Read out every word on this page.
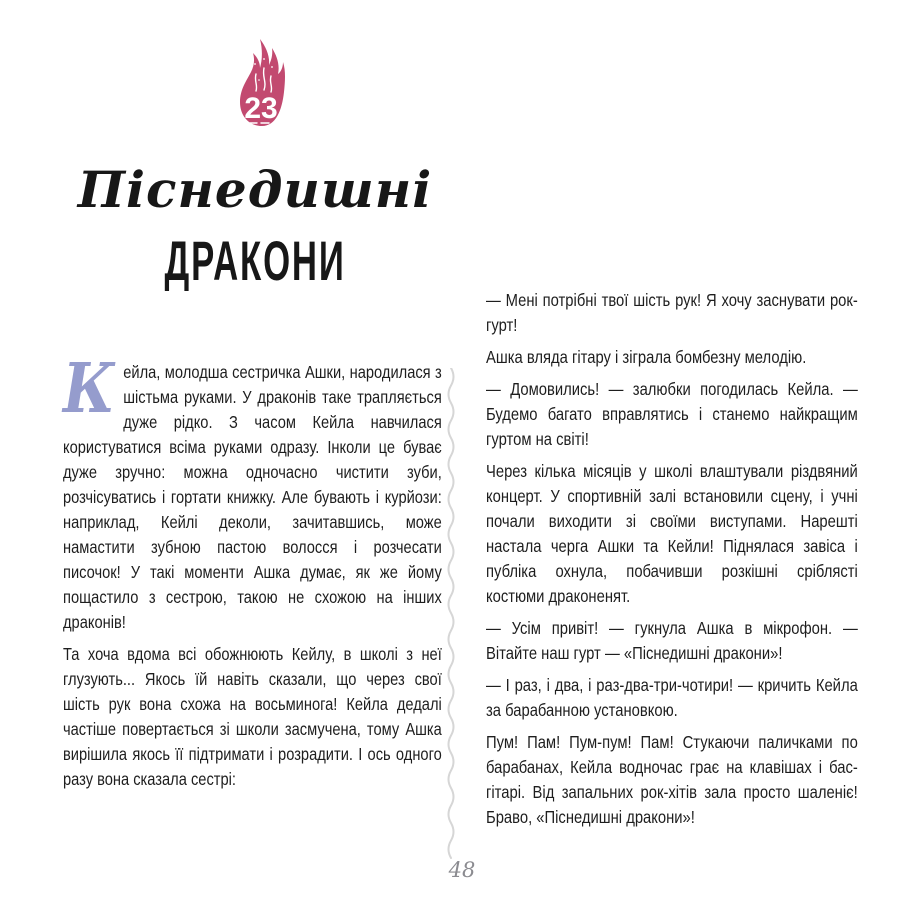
23
Піснедишні
ДРАКОНИ

Кейла, молодша сестричка Ашки, народилася з шістьма руками. У драконів таке трапляється дуже рідко. З часом Кейла навчилася користуватися всіма руками одразу. Інколи це буває дуже зручно: можна одночасно чистити зуби, розчісуватись і гортати книжку. Але бувають і курйози: наприклад, Кейлі деколи, зачитавшись, може намастити зубною пастою волосся і розчесати писочок! У такі моменти Ашка думає, як же йому пощастило з сестрою, такою не схожою на інших драконів!

Та хоча вдома всі обожнюють Кейлу, в школі з неї глузують... Якось їй навіть сказали, що через свої шість рук вона схожа на восьминога! Кейла дедалі частіше повертається зі школи засмучена, тому Ашка вирішила якось її підтримати і розрадити. І ось одного разу вона сказала сестрі:

— Мені потрібні твої шість рук! Я хочу заснувати рок-гурт!

Ашка вляда гітару і зіграла бомбезну мелодію.

— Домовились! — залюбки погодилась Кейла. — Будемо багато вправлятись і станемо найкращим гуртом на світі!

Через кілька місяців у школі влаштували різдвяний концерт. У спортивній залі встановили сцену, і учні почали виходити зі своїми виступами. Нарешті настала черга Ашки та Кейли! Піднялася завіса і публіка охнула, побачивши розкішні сріблясті костюми драконенят.

— Усім привіт! — гукнула Ашка в мікрофон. — Вітайте наш гурт — «Піснедишні дракони»!

— І раз, і два, і раз-два-три-чотири! — кричить Кейла за барабанною установкою.

Пум! Пам! Пум-пум! Пам! Стукаючи паличками по барабанах, Кейла водночас грає на клавішах і бас-гітарі. Від запальних рок-хітів зала просто шаленіє! Браво, «Піснедишні дракони»!

48
